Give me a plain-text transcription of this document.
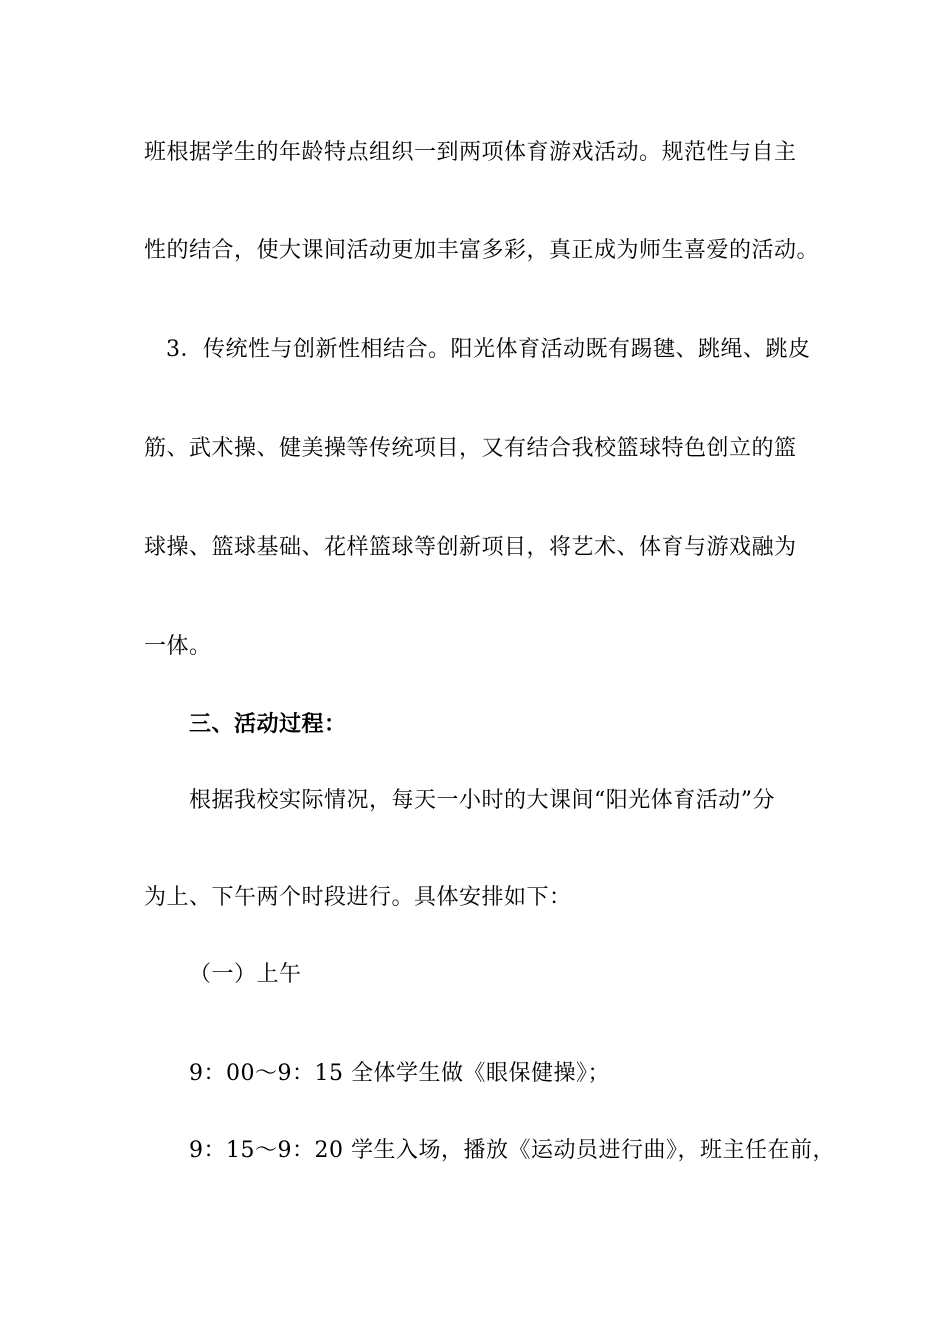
班根据学生的年龄特点组织一到两项体育游戏活动。规范性与自主
性的结合，使大课间活动更加丰富多彩，真正成为师生喜爱的活动。
3．传统性与创新性相结合。阳光体育活动既有踢毽、跳绳、跳皮
筋、武术操、健美操等传统项目，又有结合我校篮球特色创立的篮
球操、篮球基础、花样篮球等创新项目，将艺术、体育与游戏融为
一体。
三、活动过程：
根据我校实际情况，每天一小时的大课间“阳光体育活动”分
为上、下午两个时段进行。具体安排如下：
（一）上午
9：00～9：15 全体学生做《眼保健操》；
9：15～9：20 学生入场，播放《运动员进行曲》，班主任在前，
